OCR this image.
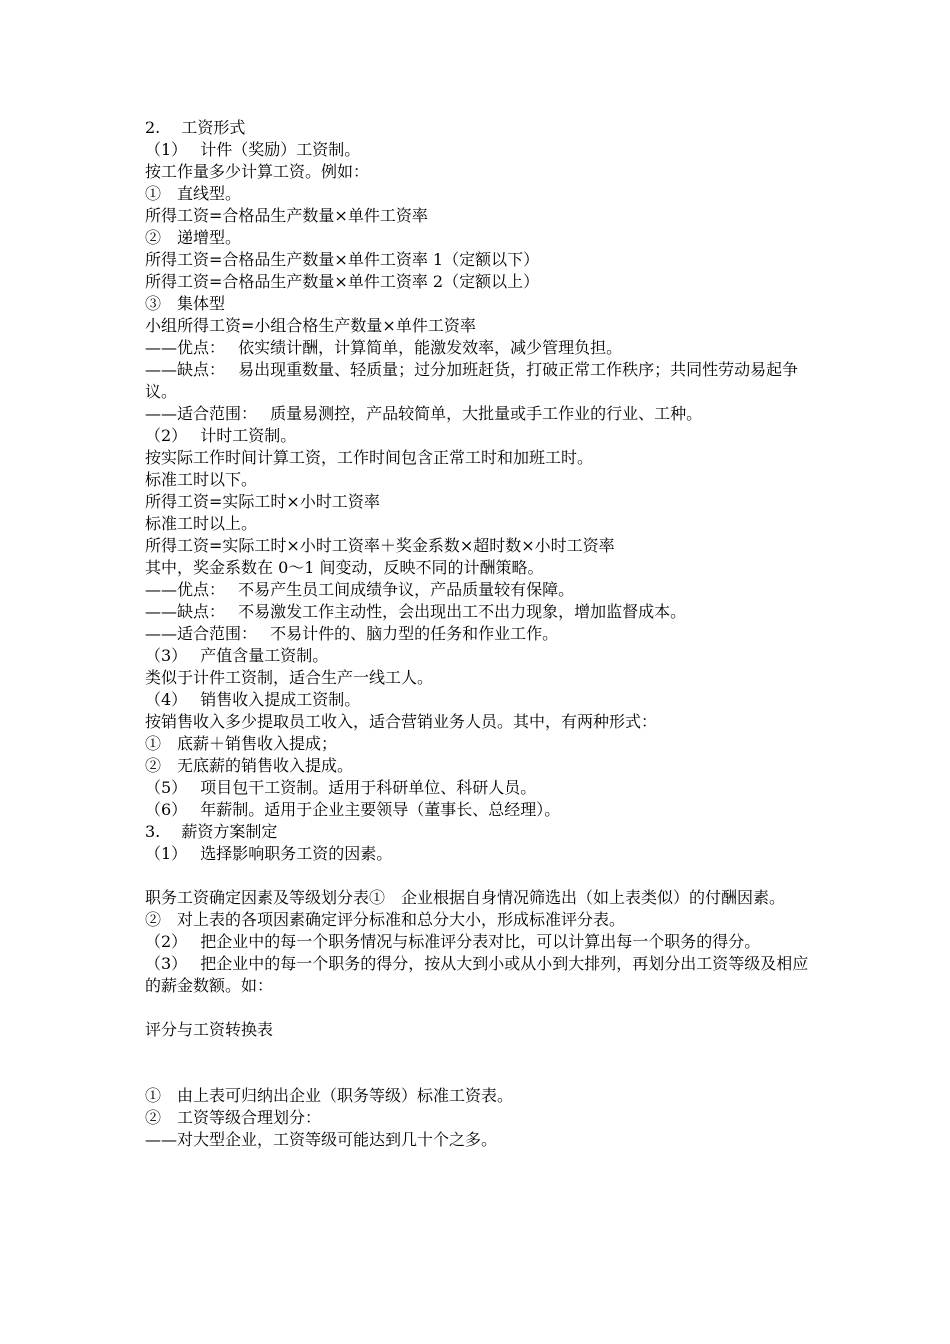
2.　 工资形式
（1）　 计件（奖励）工资制。
按工作量多少计算工资。例如：
①　直线型。
所得工资=合格品生产数量×单件工资率
②　递增型。
所得工资=合格品生产数量×单件工资率 1（定额以下）
所得工资=合格品生产数量×单件工资率 2（定额以上）
③　集体型
小组所得工资=小组合格生产数量×单件工资率
——优点：　 依实绩计酬，计算简单，能激发效率，减少管理负担。
——缺点：　 易出现重数量、轻质量；过分加班赶货，打破正常工作秩序；共同性劳动易起争议。
——适合范围：　 质量易测控，产品较简单，大批量或手工作业的行业、工种。
（2）　 计时工资制。
按实际工作时间计算工资，工作时间包含正常工时和加班工时。
标准工时以下。
所得工资=实际工时×小时工资率
标准工时以上。
所得工资=实际工时×小时工资率＋奖金系数×超时数×小时工资率
其中，奖金系数在 0～1 间变动，反映不同的计酬策略。
——优点：　 不易产生员工间成绩争议，产品质量较有保障。
——缺点：　 不易激发工作主动性，会出现出工不出力现象，增加监督成本。
——适合范围：　 不易计件的、脑力型的任务和作业工作。
（3）　 产值含量工资制。
类似于计件工资制，适合生产一线工人。
（4）　 销售收入提成工资制。
按销售收入多少提取员工收入，适合营销业务人员。其中，有两种形式：
①　底薪＋销售收入提成；
②　无底薪的销售收入提成。
（5）　 项目包干工资制。适用于科研单位、科研人员。
（6）　 年薪制。适用于企业主要领导（董事长、总经理）。
3.　 薪资方案制定
（1）　 选择影响职务工资的因素。
职务工资确定因素及等级划分表①　企业根据自身情况筛选出（如上表类似）的付酬因素。
②　对上表的各项因素确定评分标准和总分大小，形成标准评分表。
（2）　 把企业中的每一个职务情况与标准评分表对比，可以计算出每一个职务的得分。
（3）　 把企业中的每一个职务的得分，按从大到小或从小到大排列，再划分出工资等级及相应的薪金数额。如：
评分与工资转换表
①　由上表可归纳出企业（职务等级）标准工资表。
②　工资等级合理划分：
——对大型企业，工资等级可能达到几十个之多。
